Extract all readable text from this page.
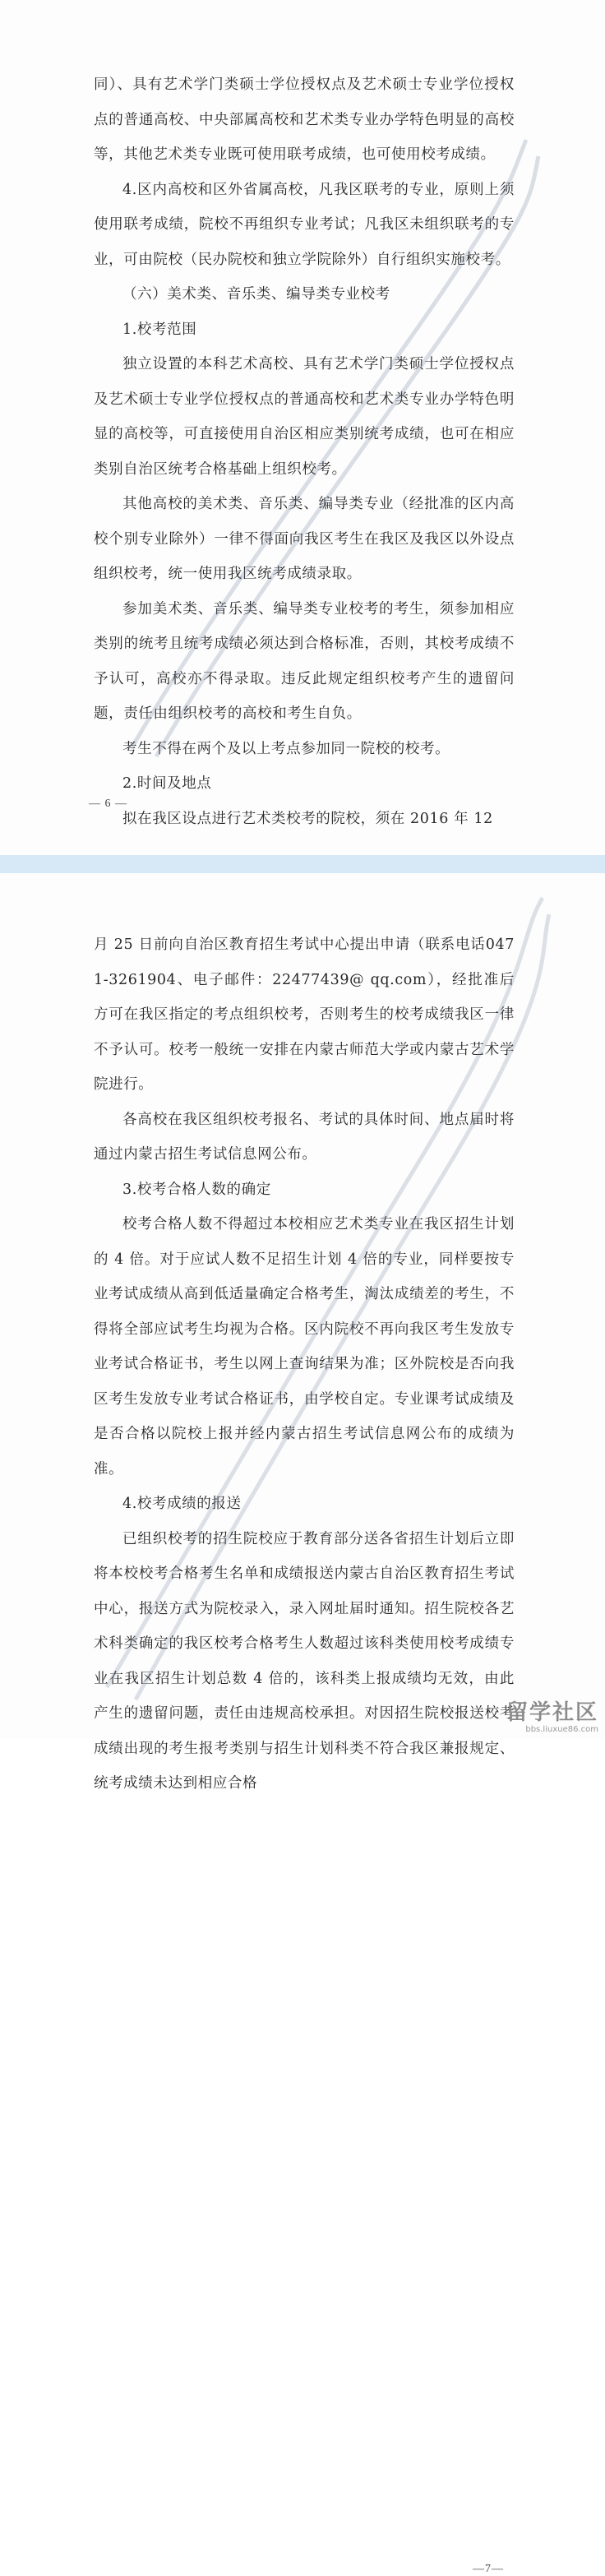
同）、具有艺术学门类硕士学位授权点及艺术硕士专业学位授权点的普通高校、中央部属高校和艺术类专业办学特色明显的高校等，其他艺术类专业既可使用联考成绩，也可使用校考成绩。

4.区内高校和区外省属高校，凡我区联考的专业，原则上须使用联考成绩，院校不再组织专业考试；凡我区未组织联考的专业，可由院校（民办院校和独立学院除外）自行组织实施校考。

（六）美术类、音乐类、编导类专业校考

1.校考范围

独立设置的本科艺术高校、具有艺术学门类硕士学位授权点及艺术硕士专业学位授权点的普通高校和艺术类专业办学特色明显的高校等，可直接使用自治区相应类别统考成绩，也可在相应类别自治区统考合格基础上组织校考。

其他高校的美术类、音乐类、编导类专业（经批准的区内高校个别专业除外）一律不得面向我区考生在我区及我区以外设点组织校考，统一使用我区统考成绩录取。

参加美术类、音乐类、编导类专业校考的考生，须参加相应类别的统考且统考成绩必须达到合格标准，否则，其校考成绩不予认可，高校亦不得录取。违反此规定组织校考产生的遗留问题，责任由组织校考的高校和考生自负。

考生不得在两个及以上考点参加同一院校的校考。

2.时间及地点

拟在我区设点进行艺术类校考的院校，须在 2016 年 12

— 6 —

月 25 日前向自治区教育招生考试中心提出申请（联系电话0471-3261904、电子邮件：22477439@ qq.com），经批准后方可在我区指定的考点组织校考，否则考生的校考成绩我区一律不予认可。校考一般统一安排在内蒙古师范大学或内蒙古艺术学院进行。

各高校在我区组织校考报名、考试的具体时间、地点届时将通过内蒙古招生考试信息网公布。

3.校考合格人数的确定

校考合格人数不得超过本校相应艺术类专业在我区招生计划的 4 倍。对于应试人数不足招生计划 4 倍的专业，同样要按专业考试成绩从高到低适量确定合格考生，淘汰成绩差的考生，不得将全部应试考生均视为合格。区内院校不再向我区考生发放专业考试合格证书，考生以网上查询结果为准；区外院校是否向我区考生发放专业考试合格证书，由学校自定。专业课考试成绩及是否合格以院校上报并经内蒙古招生考试信息网公布的成绩为准。

4.校考成绩的报送

已组织校考的招生院校应于教育部分送各省招生计划后立即将本校校考合格考生名单和成绩报送内蒙古自治区教育招生考试中心，报送方式为院校录入，录入网址届时通知。招生院校各艺术科类确定的我区校考合格考生人数超过该科类使用校考成绩专业在我区招生计划总数 4 倍的，该科类上报成绩均无效，由此产生的遗留问题，责任由违规高校承担。对因招生院校报送校考成绩出现的考生报考类别与招生计划科类不符合我区兼报规定、统考成绩未达到相应合格

—7—
留学社区
bbs.liuxue86.com
